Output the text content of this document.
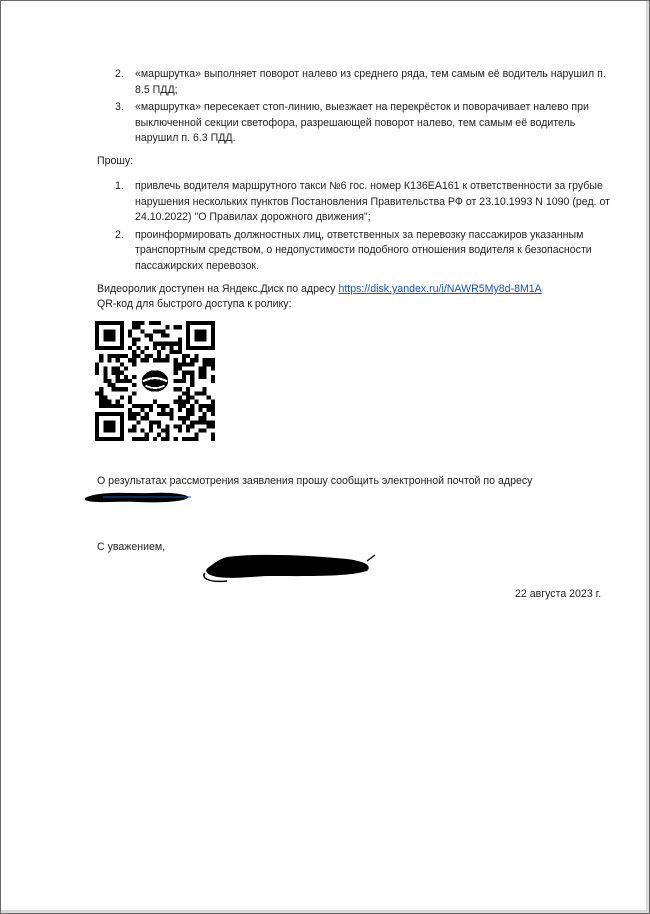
2. «маршрутка» выполняет поворот налево из среднего ряда, тем самым её водитель нарушил п. 8.5 ПДД;
3. «маршрутка» пересекает стоп-линию, выезжает на перекрёсток и поворачивает налево при выключенной секции светофора, разрешающей поворот налево, тем самым её водитель нарушил п. 6.3 ПДД.
Прошу:
1. привлечь водителя маршрутного такси №6 гос. номер К136ЕА161 к ответственности за грубые нарушения нескольких пунктов Постановления Правительства РФ от 23.10.1993 N 1090 (ред. от 24.10.2022) "О Правилах дорожного движения";
2. проинформировать должностных лиц, ответственных за перевозку пассажиров указанным транспортным средством, о недопустимости подобного отношения водителя к безопасности пассажирских перевозок.
Видеоролик доступен на Яндекс.Диск по адресу https://disk.yandex.ru/i/NAWR5My8d-8M1A
QR-код для быстрого доступа к ролику:
О результатах рассмотрения заявления прошу сообщить электронной почтой по адресу
С уважением,
22 августа 2023 г.
